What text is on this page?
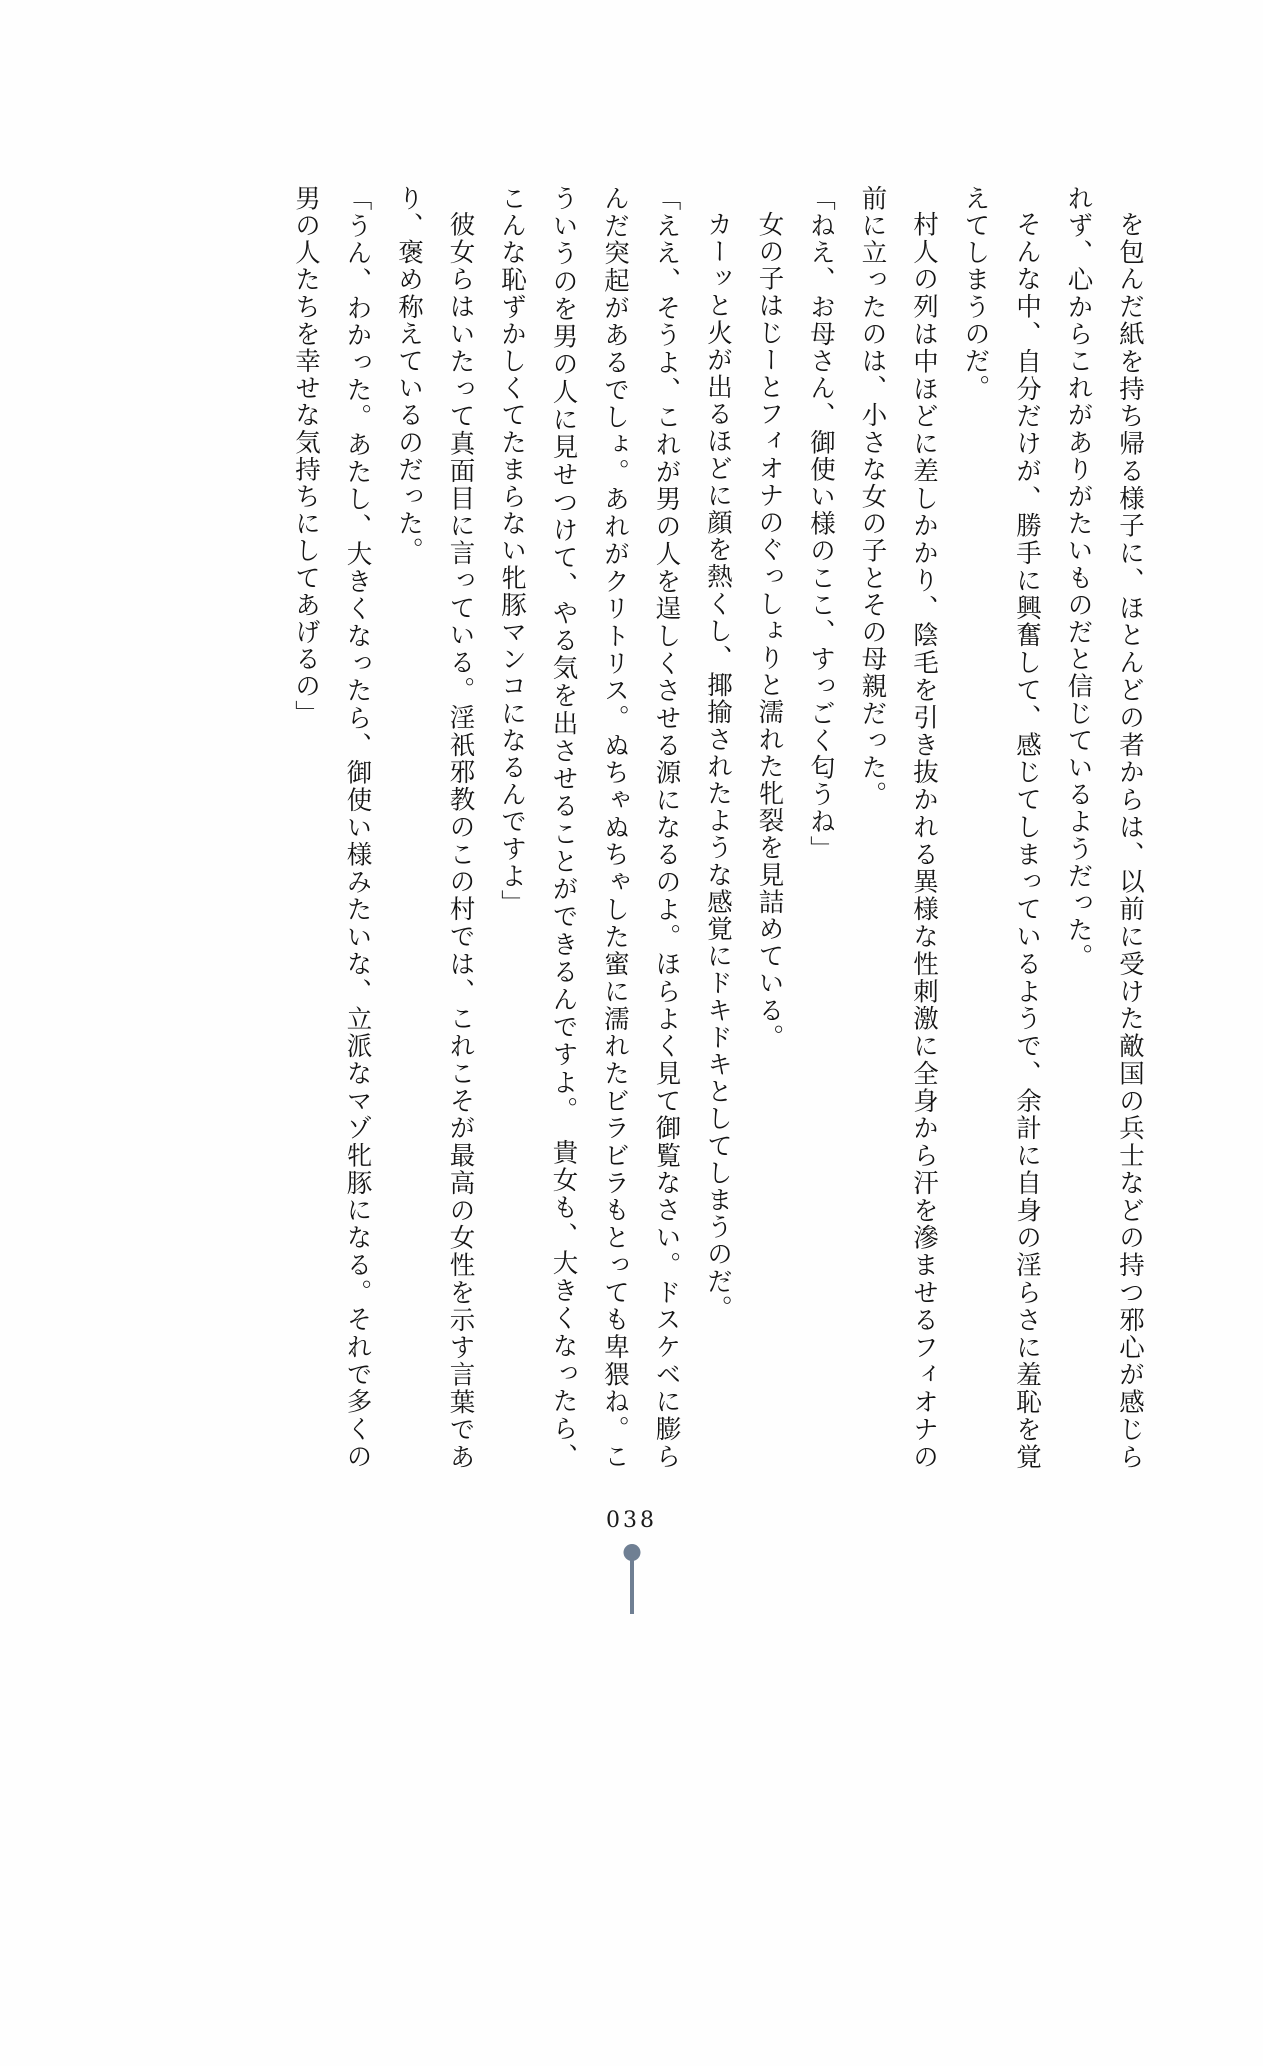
を包んだ紙を持ち帰る様子に、ほとんどの者からは、以前に受けた敵国の兵士などの持つ邪心が感じられず、心からこれがありがたいものだと信じているようだった。

そんな中、自分だけが、勝手に興奮して、感じてしまっているようで、余計に自身の淫らさに羞恥を覚えてしまうのだ。

村人の列は中ほどに差しかかり、陰毛を引き抜かれる異様な性刺激に全身から汗を滲ませるフィオナの前に立ったのは、小さな女の子とその母親だった。

「ねえ、お母さん、御使い様のここ、すっごく匂うね」

女の子はじーとフィオナのぐっしょりと濡れた牝裂を見詰めている。

カーッと火が出るほどに顔を熱くし、揶揄されたような感覚にドキドキとしてしまうのだ。

「ええ、そうよ、これが男の人を逞しくさせる源になるのよ。ほらよく見て御覧なさい。ドスケベに膨らんだ突起があるでしょ。あれがクリトリス。ぬちゃぬちゃした蜜に濡れたビラビラもとっても卑猥ね。こういうのを男の人に見せつけて、やる気を出させることができるんですよ。　貴女も、大きくなったら、こんな恥ずかしくてたまらない牝豚マンコになるんですよ」

彼女らはいたって真面目に言っている。淫祇邪教のこの村では、これこそが最高の女性を示す言葉であり、褒め称えているのだった。

「うん、わかった。あたし、大きくなったら、御使い様みたいな、立派なマゾ牝豚になる。それで多くの男の人たちを幸せな気持ちにしてあげるの」

038
